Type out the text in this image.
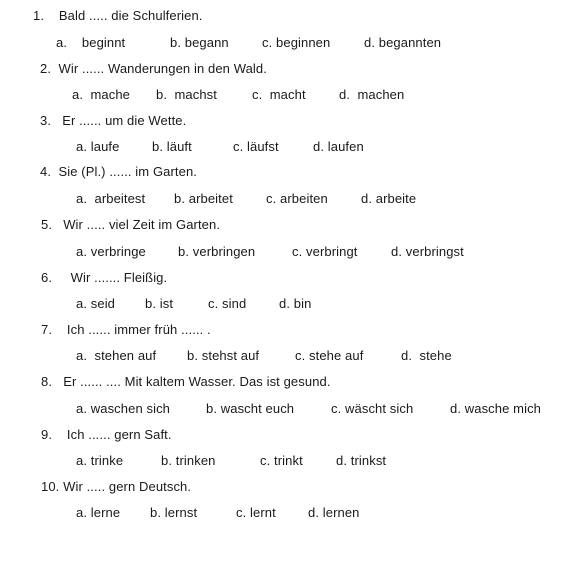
1. Bald ..... die Schulferien.
a. beginnt	b. begann	c. beginnen	d. begannten
2. Wir ...... Wanderungen in den Wald.
a. mache b. machst	c. macht	d. machen
3. Er ...... um die Wette.
a. laufe	b. läuft	c. läufst	d. laufen
4. Sie (Pl.) ...... im Garten.
a. arbeitest b. arbeitet	c. arbeiten	d. arbeite
5. Wir ..... viel Zeit im Garten.
a. verbringe b. verbringen	c. verbringt	d. verbringst
6. Wir ....... Fleißig.
a. seid b. ist	c. sind	d. bin
7. Ich ...... immer früh ...... .
a. stehen auf b. stehst auf	c. stehe auf	d. stehe
8. Er ...... .... Mit kaltem Wasser. Das ist gesund.
a. waschen sich	b. wascht euch	c. wäscht sich	d. wasche mich
9. Ich ...... gern Saft.
a. trinke	b. trinken	c. trinkt	d. trinkst
10. Wir ..... gern Deutsch.
a. lerne b. lernst	c. lernt d. lernen
